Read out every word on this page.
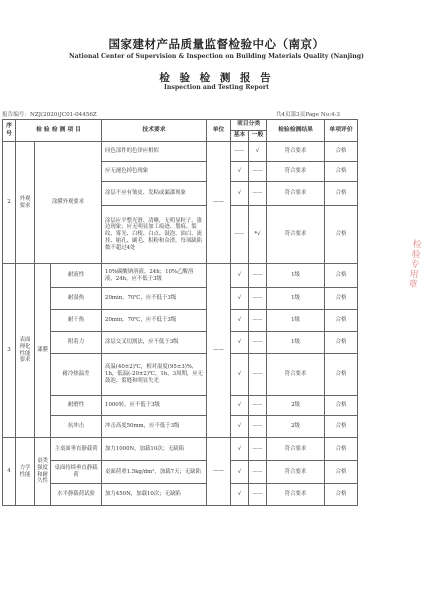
国家建材产品质量监督检验中心（南京）
National Center of Supervision & Inspection on Building Materials Quality (Nanjing)
检 验 检 测 报 告
Inspection and Testing Report
报告编号：NZJ(2020)JC01-04456Z	共4页第3页Page No:4-3
序号	检 验 检 测 项 目			技术要求	单位	项目分类		检验检测结果	单项评价
						基本	一般		
2	外观要求	涂膜外观要求		同色部件的色泽应相似	——	——	√	符合要求	合格
				应无褪色掉色现象		√	——	符合要求	合格
				涂层不应有皱皮、发粘或漏漆现象		√	——	符合要求	合格
				涂层应平整光滑、清晰，无明显粒子、涨边现象；应无明显加工痕迹、划痕、裂纹、雾光、白棱、白点、鼓泡、油白、流挂、缩孔、刷毛、积粉和杂渣，每项缺陷数不超过4处		——	*√	符合要求	合格
3	表面理化性能要求	漆膜	耐液性	10%碳酸钠溶液，24h；10%乙酸溶液，24h。应不低于3级	——	√	——	1级	合格
			耐湿热	20min，70℃，应不低于3级		√	——	1级	合格
			耐干热	20min，70℃，应不低于3级		√	——	1级	合格
			附着力	涂层交叉切割法，应不低于3级		√	——	1级	合格
			耐冷热温差	高温(40±2)℃，相对湿度(95±3)%，1h，低温(-20±2)℃，1h，3周期，应无鼓泡、裂缝和明显失光		√	——	符合要求	合格
			耐磨性	1000转，应不低于3级		√	——	2级	合格
			抗冲击	冲击高度50mm，应不低于3级		√	——	2级	合格
4	力学性能	桌类强度和耐久性	主桌面垂直静载荷	加力1000N，加载10次；无缺陷	——	√	——	符合要求	合格
			桌面持续垂直静载荷	桌面荷重1.5kg/dm²，加载7天；无缺陷		√	——	符合要求	合格
			水平静载荷试验	加力450N，加载10次；无缺陷		√	——	符合要求	合格
检验专用章
